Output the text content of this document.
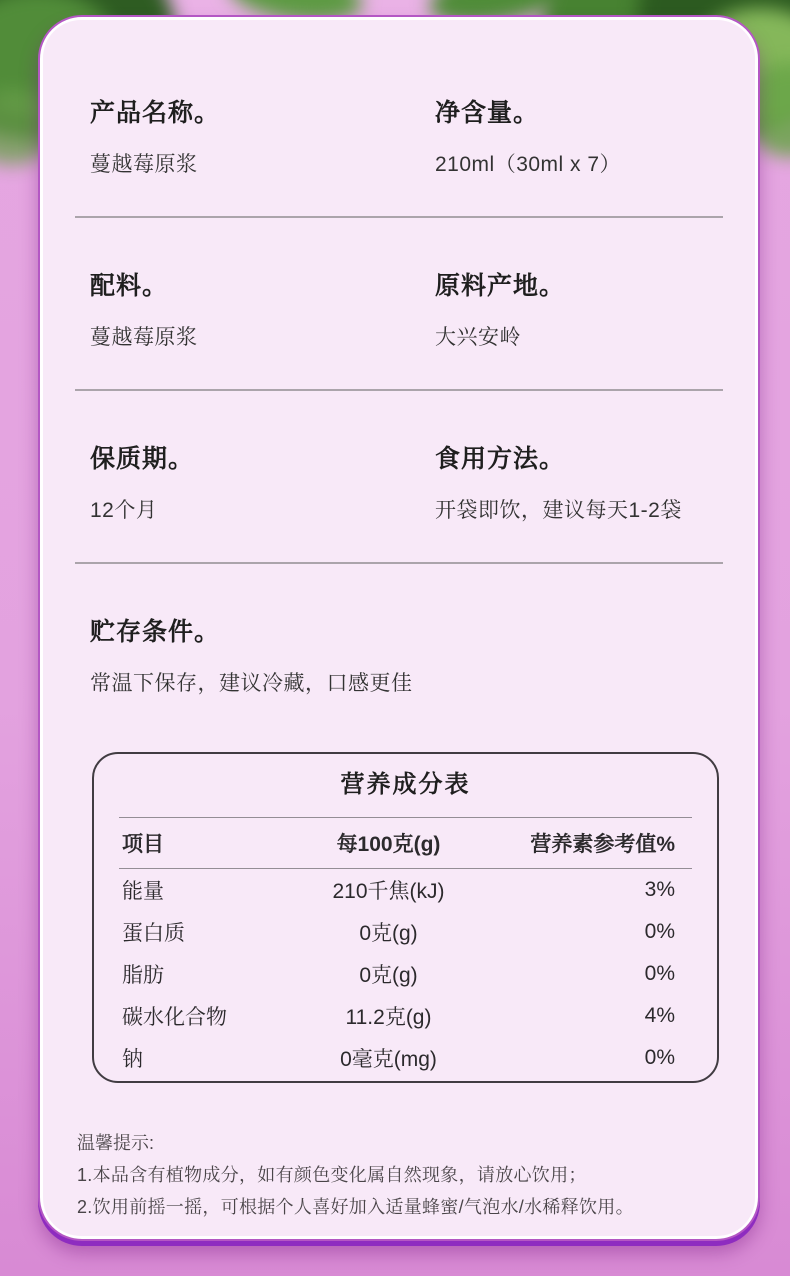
产品名称。
蔓越莓原浆
净含量。
210ml（30ml x 7）
配料。
蔓越莓原浆
原料产地。
大兴安岭
保质期。
12个月
食用方法。
开袋即饮，建议每天1-2袋
贮存条件。
常温下保存，建议冷藏，口感更佳
营养成分表
项目	每100克(g)	营养素参考值%
能量	210千焦(kJ)	3%
蛋白质	0克(g)	0%
脂肪	0克(g)	0%
碳水化合物	11.2克(g)	4%
钠	0毫克(mg)	0%
温馨提示:
1.本品含有植物成分，如有颜色变化属自然现象，请放心饮用；
2.饮用前摇一摇，可根据个人喜好加入适量蜂蜜/气泡水/水稀释饮用。
